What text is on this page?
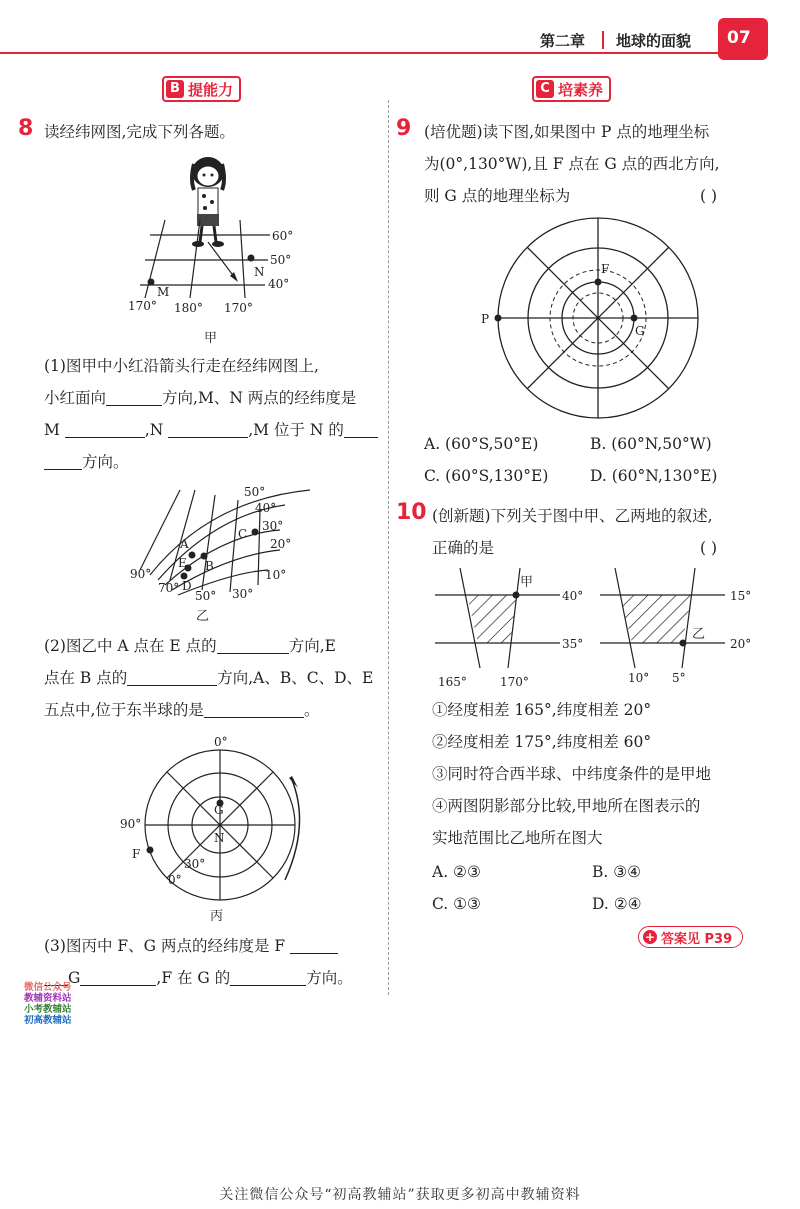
第二章 地球的面貌 07
B 提能力	C 培素养
8 读经纬网图,完成下列各题。
M
N
60°
50°
40°
170° 180° 170°
甲
(1)图甲中小红沿箭头行走在经纬网图上,
小红面向	方向,M、N 两点的经纬度是
M	,N	,M 位于 N 的
方向。
A
C
E B
D
50°
40°
30°
20°
10°
90°
70°
50° 30°
乙
(2)图乙中 A 点在 E 点的	方向,E
点在 B 点的	方向,A、B、C、D、E
五点中,位于东半球的是	。
0°
90°
30°
0°
G
N
F
丙
(3)图丙中 F、G 两点的经纬度是 F
G	,F 在 G 的	方向。
微信公众号
教辅资料站
小考教辅站
初高教辅站
9 (培优题)读下图,如果图中 P 点的地理坐标
为(0°,130°W),且 F 点在 G 点的西北方向,
则 G 点的地理坐标为	( )
F
P
G
A. (60°S,50°E)	B. (60°N,50°W)
C. (60°S,130°E)	D. (60°N,130°E)
10 (创新题)下列关于图中甲、乙两地的叙述,
正确的是	( )
甲
40°
35°
165°	170°
乙
15°
20°
10° 5°
①经度相差 165°,纬度相差 20°
②经度相差 175°,纬度相差 60°
③同时符合西半球、中纬度条件的是甲地
④两图阴影部分比较,甲地所在图表示的
实地范围比乙地所在图大
A. ②③	B. ③④
C. ①③	D. ②④
+ 答案见 P39
关注微信公众号“初高教辅站”获取更多初高中教辅资料
